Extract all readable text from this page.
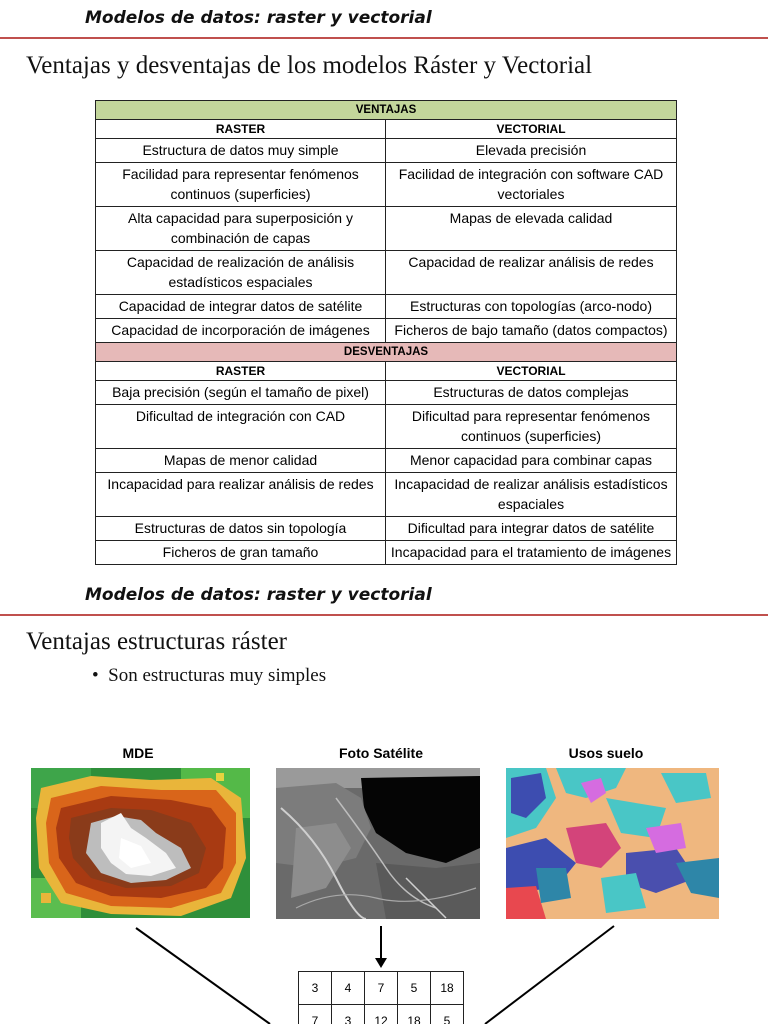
Modelos de datos: raster y vectorial
Ventajas y desventajas de los modelos Ráster y Vectorial
VENTAJAS	
RASTER	VECTORIAL
Estructura de datos muy simple	Elevada precisión
Facilidad para representar fenómenos continuos (superficies)	Facilidad de integración con software CAD vectoriales
Alta capacidad para superposición y combinación de capas	Mapas de elevada calidad
Capacidad de realización de análisis estadísticos espaciales	Capacidad de realizar análisis de redes
Capacidad de integrar datos de satélite	Estructuras con topologías (arco-nodo)
Capacidad de incorporación de imágenes	Ficheros de bajo tamaño (datos compactos)
DESVENTAJAS	
RASTER	VECTORIAL
Baja precisión (según el tamaño de pixel)	Estructuras de datos complejas
Dificultad de integración con CAD	Dificultad para representar fenómenos continuos (superficies)
Mapas de menor calidad	Menor capacidad para combinar capas
Incapacidad para realizar análisis de redes	Incapacidad de realizar análisis estadísticos espaciales
Estructuras de datos sin topología	Dificultad para integrar datos de satélite
Ficheros de gran tamaño	Incapacidad para el tratamiento de imágenes
Modelos de datos: raster y vectorial
Ventajas estructuras ráster
•  Son estructuras muy simples
MDE	Foto Satélite	Usos suelo
3	4	7	5	18
7	3	12	18	5
